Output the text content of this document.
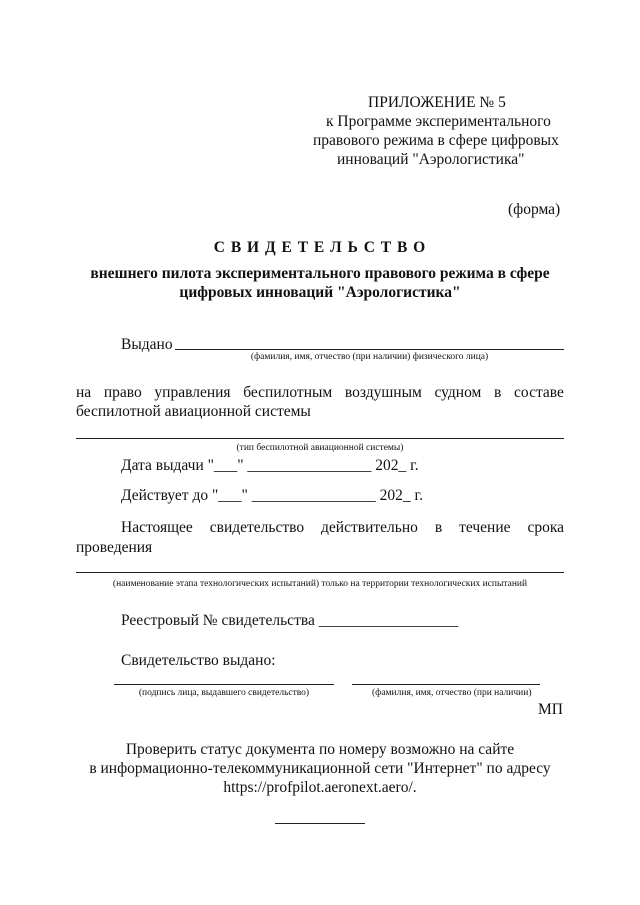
ПРИЛОЖЕНИЕ № 5
к Программе экспериментального
правового режима в сфере цифровых
инноваций "Аэрологистика"
(форма)
С В И Д Е Т Е Л Ь С Т В О
внешнего пилота экспериментального правового режима в сфере
цифровых инноваций "Аэрологистика"
Выдано
(фамилия, имя, отчество (при наличии) физического лица)
на право управления беспилотным воздушным судном в составе
беспилотной авиационной системы
(тип беспилотной авиационной системы)
Дата выдачи "___" ________________ 202_ г.
Действует до "___" ________________ 202_ г.
Настоящее свидетельство действительно в течение срока
проведения
(наименование этапа технологических испытаний) только на территории технологических испытаний
Реестровый № свидетельства __________________
Свидетельство выдано:
(подпись лица, выдавшего свидетельство)	(фамилия, имя, отчество (при наличии)
МП
Проверить статус документа по номеру возможно на сайте
в информационно-телекоммуникационной сети "Интернет" по адресу
https://profpilot.aeronext.aero/.
